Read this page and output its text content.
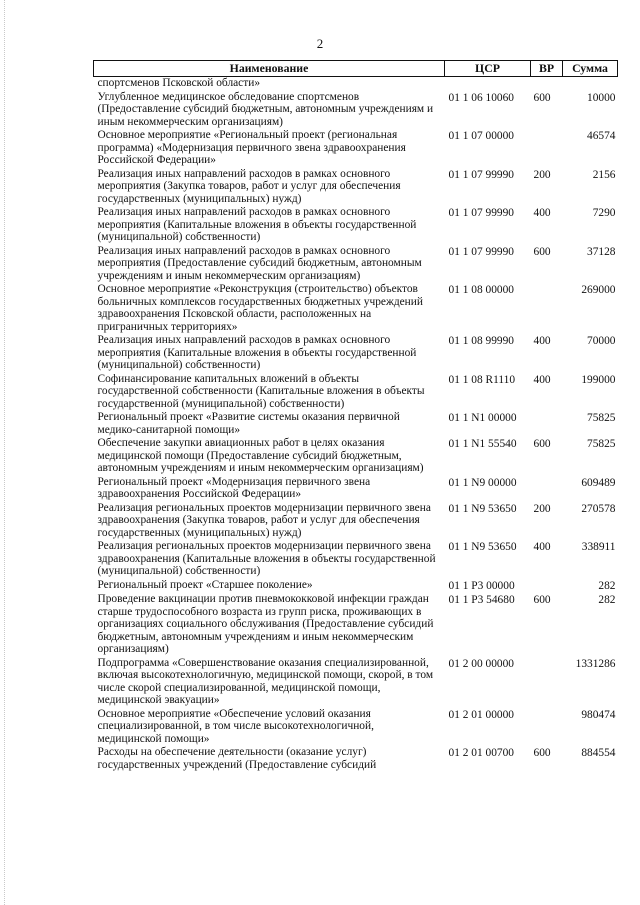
2
Наименование	ЦСР	ВР	Сумма
спортсменов Псковской области»			
Углубленное медицинское обследование спортсменов (Предоставление субсидий бюджетным, автономным учреждениям и иным некоммерческим организациям)	01 1 06 10060	600	10000
Основное мероприятие «Региональный проект (региональная программа) «Модернизация первичного звена здравоохранения Российской Федерации»	01 1 07 00000		46574
Реализация иных направлений расходов в рамках основного мероприятия (Закупка товаров, работ и услуг для обеспечения государственных (муниципальных) нужд)	01 1 07 99990	200	2156
Реализация иных направлений расходов в рамках основного мероприятия (Капитальные вложения в объекты государственной (муниципальной) собственности)	01 1 07 99990	400	7290
Реализация иных направлений расходов в рамках основного мероприятия (Предоставление субсидий бюджетным, автономным учреждениям и иным некоммерческим организациям)	01 1 07 99990	600	37128
Основное мероприятие «Реконструкция (строительство) объектов больничных комплексов государственных бюджетных учреждений здравоохранения Псковской области, расположенных на приграничных территориях»	01 1 08 00000		269000
Реализация иных направлений расходов в рамках основного мероприятия (Капитальные вложения в объекты государственной (муниципальной) собственности)	01 1 08 99990	400	70000
Софинансирование капитальных вложений в объекты государственной собственности (Капитальные вложения в объекты государственной (муниципальной) собственности)	01 1 08 R1110	400	199000
Региональный проект «Развитие системы оказания первичной медико-санитарной помощи»	01 1 N1 00000		75825
Обеспечение закупки авиационных работ в целях оказания медицинской помощи (Предоставление субсидий бюджетным, автономным учреждениям и иным некоммерческим организациям)	01 1 N1 55540	600	75825
Региональный проект «Модернизация первичного звена здравоохранения Российской Федерации»	01 1 N9 00000		609489
Реализация региональных проектов модернизации первичного звена здравоохранения (Закупка товаров, работ и услуг для обеспечения государственных (муниципальных) нужд)	01 1 N9 53650	200	270578
Реализация региональных проектов модернизации первичного звена здравоохранения (Капитальные вложения в объекты государственной (муниципальной) собственности)	01 1 N9 53650	400	338911
Региональный проект «Старшее поколение»	01 1 P3 00000		282
Проведение вакцинации против пневмококковой инфекции граждан старше трудоспособного возраста из групп риска, проживающих в организациях социального обслуживания (Предоставление субсидий бюджетным, автономным учреждениям и иным некоммерческим организациям)	01 1 P3 54680	600	282
Подпрограмма «Совершенствование оказания специализированной, включая высокотехнологичную, медицинской помощи, скорой, в том числе скорой специализированной, медицинской помощи, медицинской эвакуации»	01 2 00 00000		1331286
Основное мероприятие «Обеспечение условий оказания специализированной, в том числе высокотехнологичной, медицинской помощи»	01 2 01 00000		980474
Расходы на обеспечение деятельности (оказание услуг) государственных учреждений (Предоставление субсидий	01 2 01 00700	600	884554
